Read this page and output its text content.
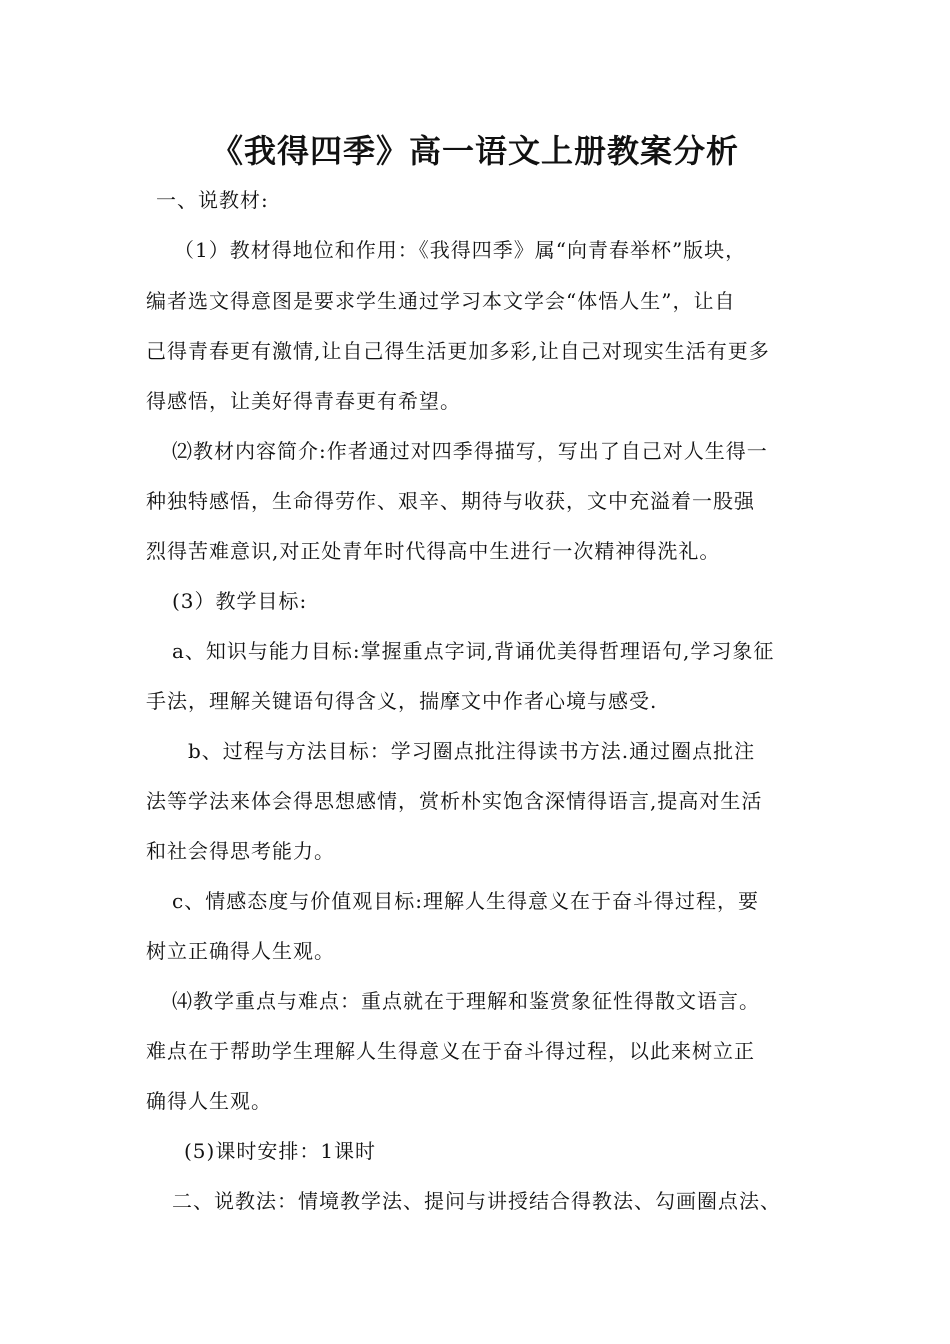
《我得四季》高一语文上册教案分析
一、说教材:
（1）教材得地位和作用：《我得四季》属“向青春举杯”版块，
编者选文得意图是要求学生通过学习本文学会“体悟人生”，让自
己得青春更有激情,让自己得生活更加多彩,让自己对现实生活有更多
得感悟，让美好得青春更有希望。
⑵教材内容简介:作者通过对四季得描写，写出了自己对人生得一
种独特感悟，生命得劳作、艰辛、期待与收获，文中充溢着一股强
烈得苦难意识,对正处青年时代得高中生进行一次精神得洗礼。
(3）教学目标:
a、知识与能力目标:掌握重点字词,背诵优美得哲理语句,学习象征
手法，理解关键语句得含义，揣摩文中作者心境与感受.
b、过程与方法目标：学习圈点批注得读书方法.通过圈点批注
法等学法来体会得思想感情，赏析朴实饱含深情得语言,提高对生活
和社会得思考能力。
c、情感态度与价值观目标:理解人生得意义在于奋斗得过程，要
树立正确得人生观。
⑷教学重点与难点：重点就在于理解和鉴赏象征性得散文语言。
难点在于帮助学生理解人生得意义在于奋斗得过程，以此来树立正
确得人生观。
(5)课时安排：1课时
二、说教法：情境教学法、提问与讲授结合得教法、勾画圈点法、
